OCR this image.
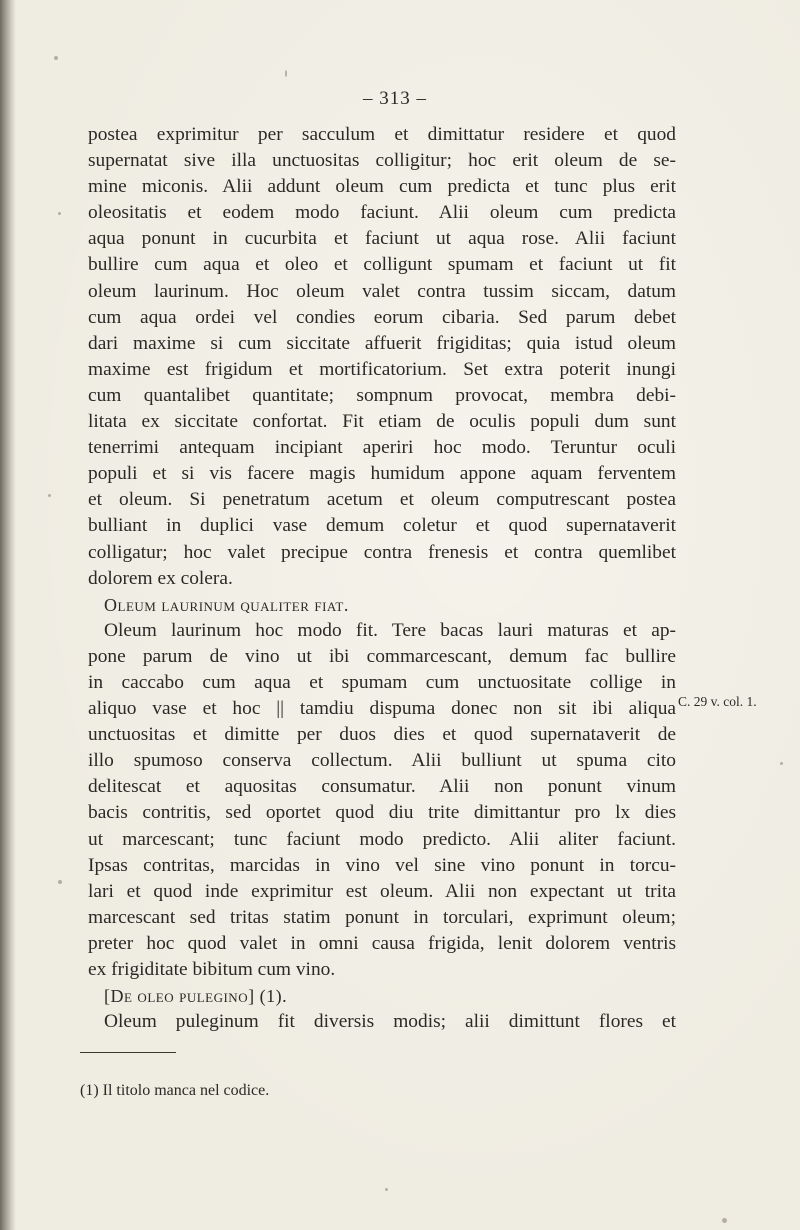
– 313 –
postea exprimitur per sacculum et dimittatur residere et quod
supernatat sive illa unctuositas colligitur; hoc erit oleum de se-
mine miconis. Alii addunt oleum cum predicta et tunc plus erit
oleositatis et eodem modo faciunt. Alii oleum cum predicta
aqua ponunt in cucurbita et faciunt ut aqua rose. Alii faciunt
bullire cum aqua et oleo et colligunt spumam et faciunt ut fit
oleum laurinum. Hoc oleum valet contra tussim siccam, datum
cum aqua ordei vel condies eorum cibaria. Sed parum debet
dari maxime si cum siccitate affuerit frigiditas; quia istud oleum
maxime est frigidum et mortificatorium. Set extra poterit inungi
cum quantalibet quantitate; sompnum provocat, membra debi-
litata ex siccitate confortat. Fit etiam de oculis populi dum sunt
tenerrimi antequam incipiant aperiri hoc modo. Teruntur oculi
populi et si vis facere magis humidum appone aquam ferventem
et oleum. Si penetratum acetum et oleum computrescant postea
bulliant in duplici vase demum coletur et quod supernataverit
colligatur; hoc valet precipue contra frenesis et contra quemlibet
dolorem ex colera.
Oleum laurinum qualiter fiat.
Oleum laurinum hoc modo fit. Tere bacas lauri maturas et ap-
pone parum de vino ut ibi commarcescant, demum fac bullire
in caccabo cum aqua et spumam cum unctuositate collige in
aliquo vase et hoc || tamdiu dispuma donec non sit ibi aliqua
unctuositas et dimitte per duos dies et quod supernataverit de
illo spumoso conserva collectum. Alii bulliunt ut spuma cito
delitescat et aquositas consumatur. Alii non ponunt vinum
bacis contritis, sed oportet quod diu trite dimittantur pro lx dies
ut marcescant; tunc faciunt modo predicto. Alii aliter faciunt.
Ipsas contritas, marcidas in vino vel sine vino ponunt in torcu-
lari et quod inde exprimitur est oleum. Alii non expectant ut trita
marcescant sed tritas statim ponunt in torculari, exprimunt oleum;
preter hoc quod valet in omni causa frigida, lenit dolorem ventris
ex frigiditate bibitum cum vino.
[De oleo pulegino] (1).
Oleum puleginum fit diversis modis; alii dimittunt flores et
C. 29 v. col. 1.
(1) Il titolo manca nel codice.
